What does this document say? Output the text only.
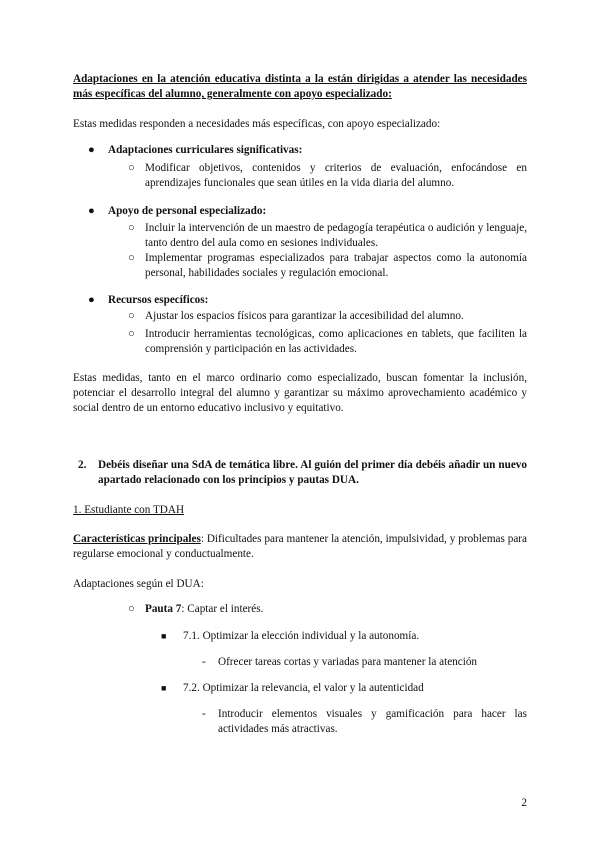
Adaptaciones en la atención educativa distinta a la están dirigidas a atender las necesidades más específicas del alumno, generalmente con apoyo especializado:

Estas medidas responden a necesidades más específicas, con apoyo especializado:

●	Adaptaciones curriculares significativas:
○ Modificar objetivos, contenidos y criterios de evaluación, enfocándose en aprendizajes funcionales que sean útiles en la vida diaria del alumno.
●	Apoyo de personal especializado:
○ Incluir la intervención de un maestro de pedagogía terapéutica o audición y lenguaje, tanto dentro del aula como en sesiones individuales.
○ Implementar programas especializados para trabajar aspectos como la autonomía personal, habilidades sociales y regulación emocional.
●	Recursos específicos:
○ Ajustar los espacios físicos para garantizar la accesibilidad del alumno.
○ Introducir herramientas tecnológicas, como aplicaciones en tablets, que faciliten la comprensión y participación en las actividades.

Estas medidas, tanto en el marco ordinario como especializado, buscan fomentar la inclusión, potenciar el desarrollo integral del alumno y garantizar su máximo aprovechamiento académico y social dentro de un entorno educativo inclusivo y equitativo.

2.	Debéis diseñar una SdA de temática libre. Al guión del primer día debéis añadir un nuevo apartado relacionado con los principios y pautas DUA.

1. Estudiante con TDAH

Características principales: Dificultades para mantener la atención, impulsividad, y problemas para regularse emocional y conductualmente.

Adaptaciones según el DUA:

○ Pauta 7: Captar el interés.
■	7.1. Optimizar la elección individual y la autonomía.
-	Ofrecer tareas cortas y variadas para mantener la atención
■	7.2. Optimizar la relevancia, el valor y la autenticidad
-	Introducir elementos visuales y gamificación para hacer las actividades más atractivas.
2
